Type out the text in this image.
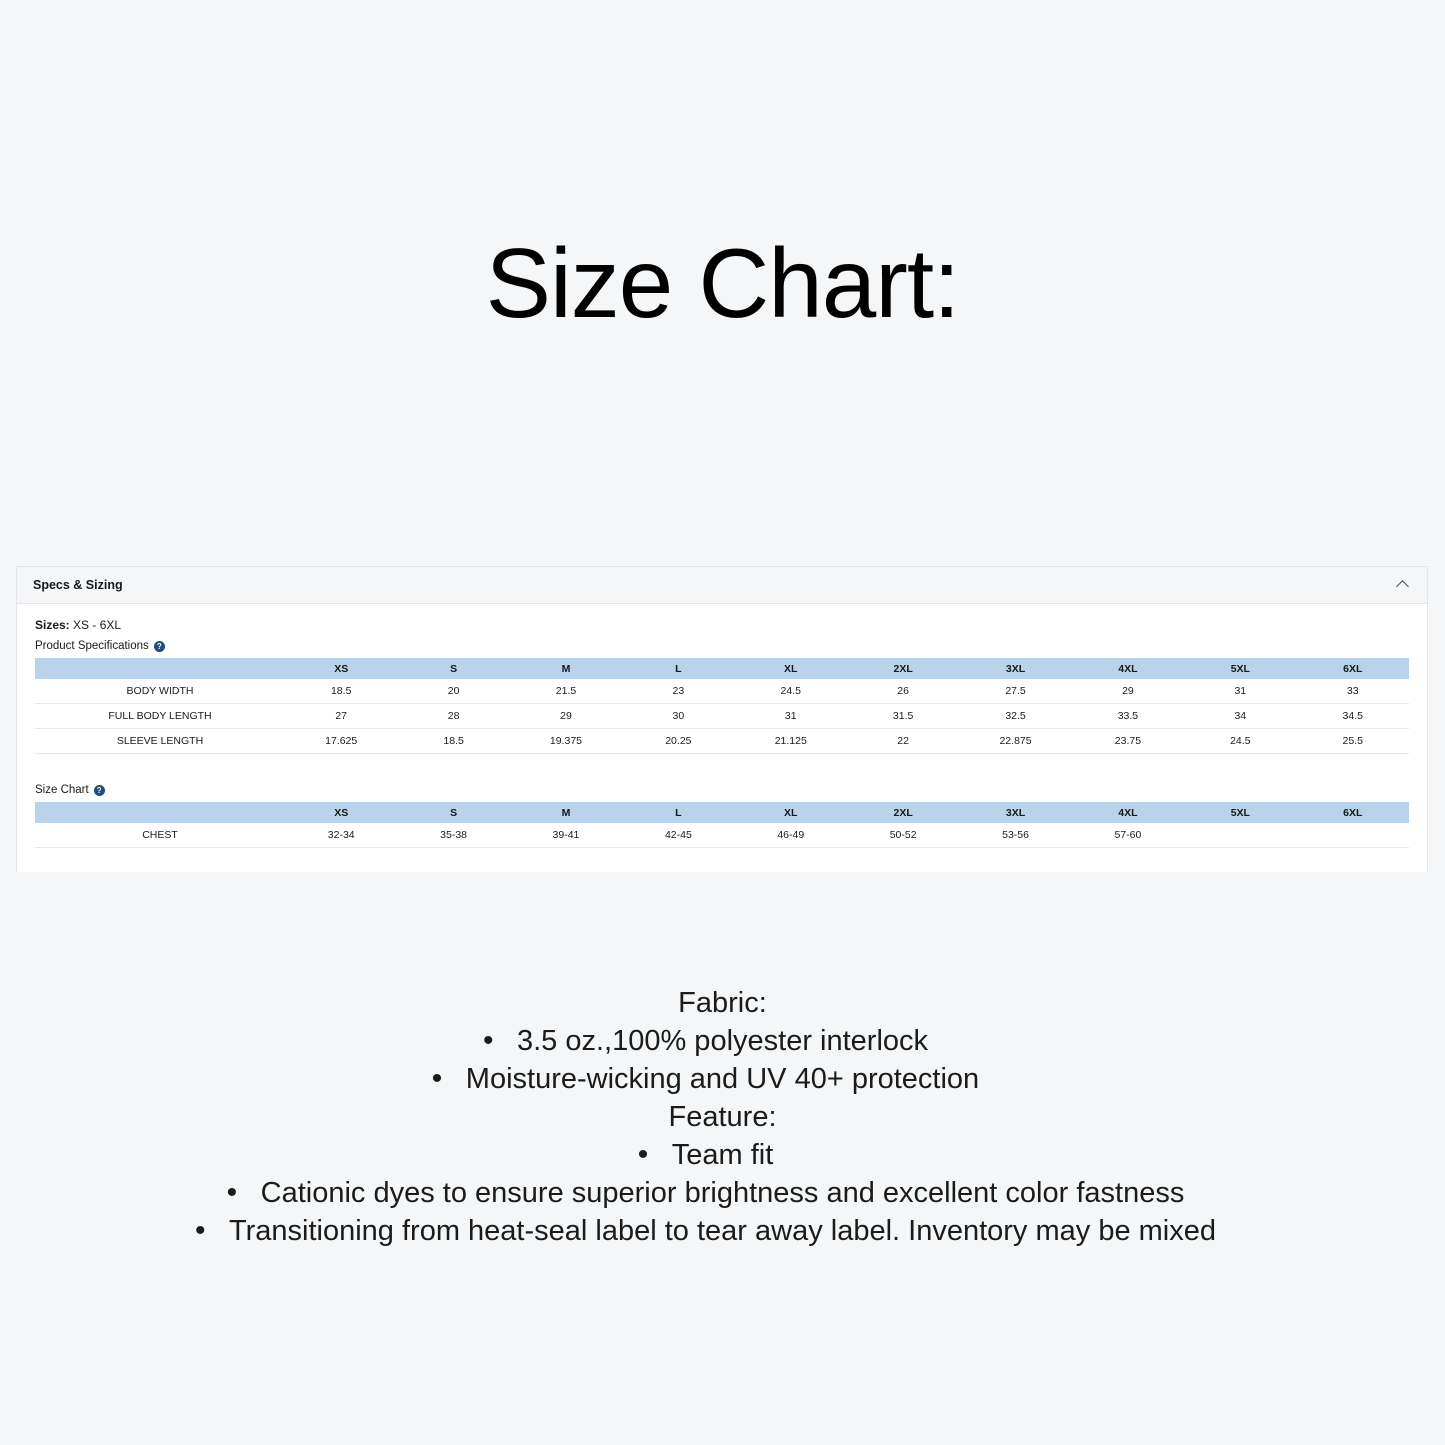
Size Chart:
Specs & Sizing
Sizes: XS - 6XL
Product Specifications	?
	XS	S	M	L	XL	2XL	3XL	4XL	5XL	6XL
BODY WIDTH	18.5	20	21.5	23	24.5	26	27.5	29	31	33
FULL BODY LENGTH	27	28	29	30	31	31.5	32.5	33.5	34	34.5
SLEEVE LENGTH	17.625	18.5	19.375	20.25	21.125	22	22.875	23.75	24.5	25.5
Size Chart	?
	XS	S	M	L	XL	2XL	3XL	4XL	5XL	6XL
CHEST	32-34	35-38	39-41	42-45	46-49	50-52	53-56	57-60		
Fabric:
• 3.5 oz.,100% polyester interlock
• Moisture-wicking and UV 40+ protection
Feature:
• Team fit
• Cationic dyes to ensure superior brightness and excellent color fastness
• Transitioning from heat-seal label to tear away label. Inventory may be mixed
